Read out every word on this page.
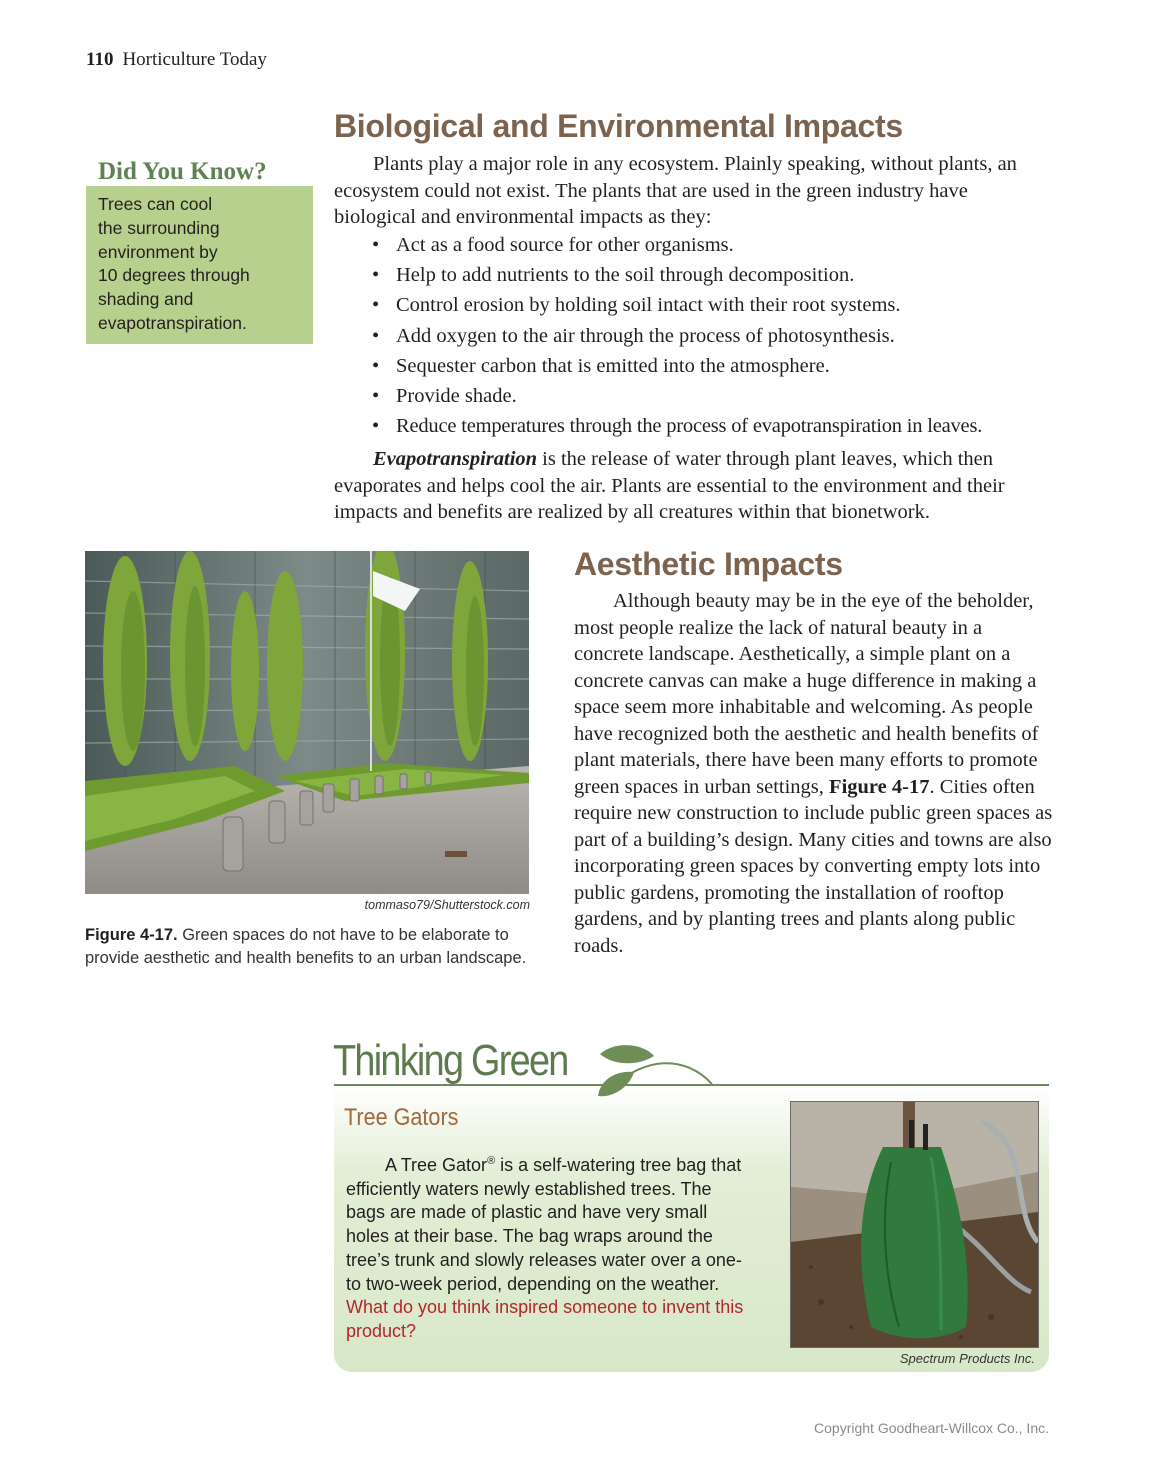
110 Horticulture Today
Did You Know?
Trees can cool
the surrounding
environment by
10 degrees through
shading and
evapotranspiration.
Biological and Environmental Impacts
Plants play a major role in any ecosystem. Plainly speaking, without plants, an ecosystem could not exist. The plants that are used in the green industry have biological and environmental impacts as they:
• Act as a food source for other organisms.
• Help to add nutrients to the soil through decomposition.
• Control erosion by holding soil intact with their root systems.
• Add oxygen to the air through the process of photosynthesis.
• Sequester carbon that is emitted into the atmosphere.
• Provide shade.
• Reduce temperatures through the process of evapotranspiration in leaves.
Evapotranspiration is the release of water through plant leaves, which then evaporates and helps cool the air. Plants are essential to the environment and their impacts and benefits are realized by all creatures within that bionetwork.
tommaso79/Shutterstock.com
Figure 4-17. Green spaces do not have to be elaborate to provide aesthetic and health benefits to an urban landscape.
Aesthetic Impacts
Although beauty may be in the eye of the beholder, most people realize the lack of natural beauty in a concrete landscape. Aesthetically, a simple plant on a concrete canvas can make a huge difference in making a space seem more inhabitable and welcoming. As people have recognized both the aesthetic and health benefits of plant materials, there have been many efforts to promote green spaces in urban settings, Figure 4-17. Cities often require new construction to include public green spaces as part of a building’s design. Many cities and towns are also incorporating green spaces by converting empty lots into public gardens, promoting the installation of rooftop gardens, and by planting trees and plants along public roads.
Thinking Green
Tree Gators
A Tree Gator® is a self-watering tree bag that efficiently waters newly established trees. The bags are made of plastic and have very small holes at their base. The bag wraps around the tree’s trunk and slowly releases water over a one- to two-week period, depending on the weather. What do you think inspired someone to invent this product?
Spectrum Products Inc.
Copyright Goodheart-Willcox Co., Inc.
